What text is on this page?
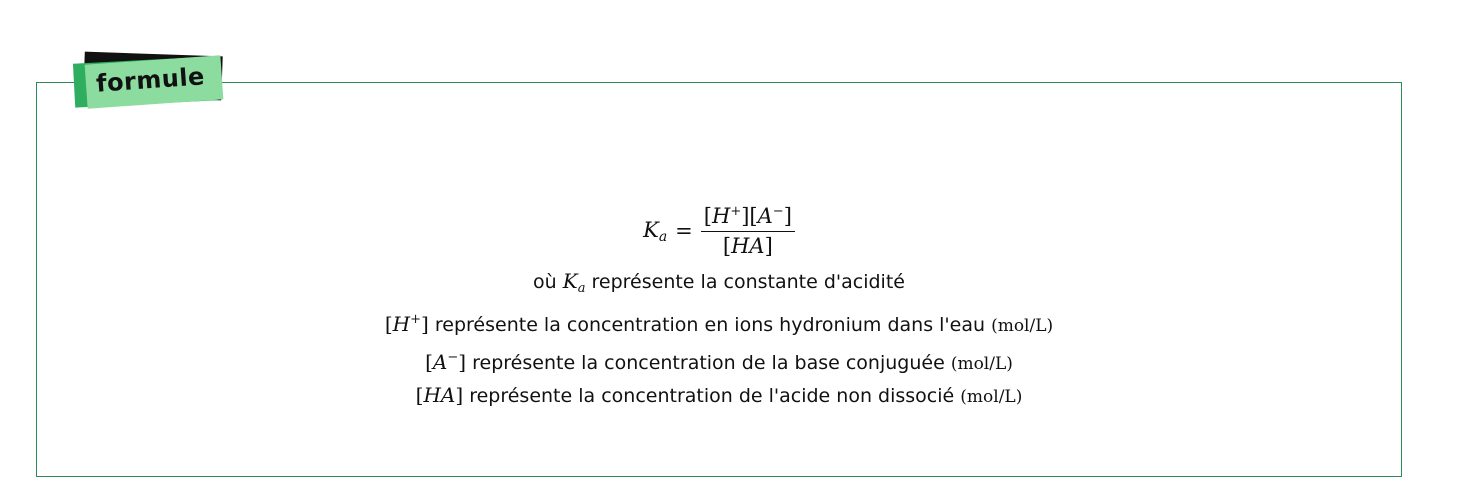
formule
$K_a = \frac{[H^+][A^-]}{[HA]}$
où $K_a$ représente la constante d'acidité
[H+] représente la concentration en ions hydronium dans l'eau (mol/L)
[A−] représente la concentration de la base conjuguée (mol/L)
[HA] représente la concentration de l'acide non dissocié (mol/L)
